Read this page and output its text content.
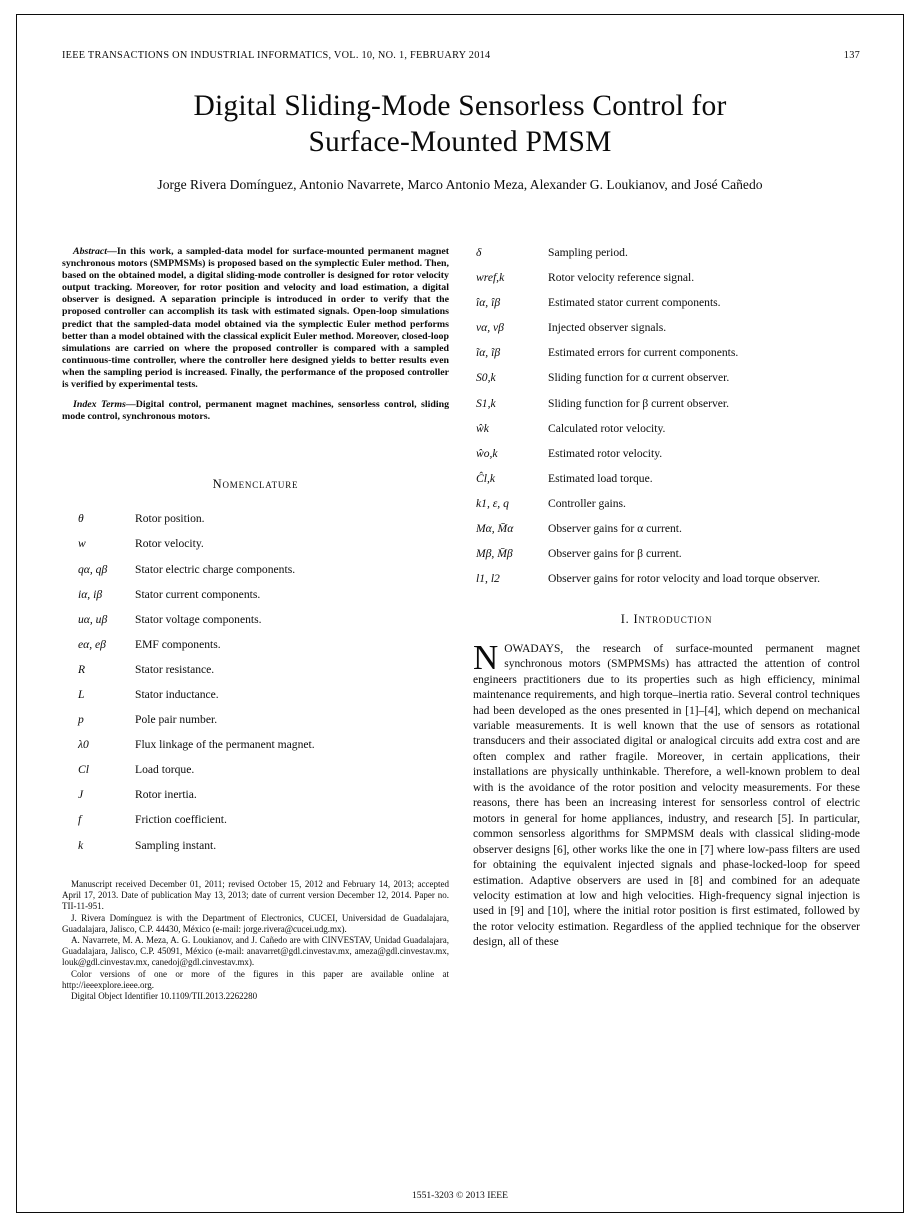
IEEE TRANSACTIONS ON INDUSTRIAL INFORMATICS, VOL. 10, NO. 1, FEBRUARY 2014	137
Digital Sliding-Mode Sensorless Control for
Surface-Mounted PMSM
Jorge Rivera Domínguez, Antonio Navarrete, Marco Antonio Meza, Alexander G. Loukianov, and José Cañedo

Abstract—In this work, a sampled-data model for surface-mounted permanent magnet synchronous motors (SMPMSMs) is proposed based on the symplectic Euler method. Then, based on the obtained model, a digital sliding-mode controller is designed for rotor velocity output tracking. Moreover, for rotor position and velocity and load estimation, a digital observer is designed. A separation principle is introduced in order to verify that the proposed controller can accomplish its task with estimated signals. Open-loop simulations predict that the sampled-data model obtained via the symplectic Euler method performs better than a model obtained with the classical explicit Euler method. Moreover, closed-loop simulations are carried on where the proposed controller is compared with a sampled continuous-time controller, where the controller here designed yields to better results even when the sampling period is increased. Finally, the performance of the proposed controller is verified by experimental tests.

Index Terms—Digital control, permanent magnet machines, sensorless control, sliding mode control, synchronous motors.

Nomenclature
θ	Rotor position.
w	Rotor velocity.
qα, qβ	Stator electric charge components.
iα, iβ	Stator current components.
uα, uβ	Stator voltage components.
eα, eβ	EMF components.
R	Stator resistance.
L	Stator inductance.
p	Pole pair number.
λ0	Flux linkage of the permanent magnet.
Cl	Load torque.
J	Rotor inertia.
f	Friction coefficient.
k	Sampling instant.

Manuscript received December 01, 2011; revised October 15, 2012 and February 14, 2013; accepted April 17, 2013. Date of publication May 13, 2013; date of current version December 12, 2014. Paper no. TII-11-951.

J. Rivera Domínguez is with the Department of Electronics, CUCEI, Universidad de Guadalajara, Guadalajara, Jalisco, C.P. 44430, México (e-mail: jorge.rivera@cucei.udg.mx).

A. Navarrete, M. A. Meza, A. G. Loukianov, and J. Cañedo are with CINVESTAV, Unidad Guadalajara, Guadalajara, Jalisco, C.P. 45091, México (e-mail: anavarret@gdl.cinvestav.mx, ameza@gdl.cinvestav.mx, louk@gdl.cinvestav.mx, canedoj@gdl.cinvestav.mx).

Color versions of one or more of the figures in this paper are available online at http://ieeexplore.ieee.org.

Digital Object Identifier 10.1109/TII.2013.2262280

δ	Sampling period.
wref,k	Rotor velocity reference signal.
îα, îβ	Estimated stator current components.
vα, vβ	Injected observer signals.
ĩα, ĩβ	Estimated errors for current components.
S0,k	Sliding function for α current observer.
S1,k	Sliding function for β current observer.
ŵk	Calculated rotor velocity.
ŵo,k	Estimated rotor velocity.
Ĉl,k	Estimated load torque.
k1, ε, q	Controller gains.
Mα, M̄α	Observer gains for α current.
Mβ, M̄β	Observer gains for β current.
l1, l2	Observer gains for rotor velocity and load torque observer.
I. Introduction

NOWADAYS, the research of surface-mounted permanent magnet synchronous motors (SMPMSMs) has attracted the attention of control engineers practitioners due to its properties such as high efficiency, minimal maintenance requirements, and high torque–inertia ratio. Several control techniques had been developed as the ones presented in [1]–[4], which depend on mechanical variable measurements. It is well known that the use of sensors as rotational transducers and their associated digital or analogical circuits add extra cost and are often complex and rather fragile. Moreover, in certain applications, their installations are physically unthinkable. Therefore, a well-known problem to deal with is the avoidance of the rotor position and velocity measurements. For these reasons, there has been an increasing interest for sensorless control of electric motors in general for home appliances, industry, and research [5]. In particular, common sensorless algorithms for SMPMSM deals with classical sliding-mode observer designs [6], other works like the one in [7] where low-pass filters are used for obtaining the equivalent injected signals and phase-locked-loop for speed estimation. Adaptive observers are used in [8] and combined for an adequate velocity estimation at low and high velocities. High-frequency signal injection is used in [9] and [10], where the initial rotor position is first estimated, followed by the rotor velocity estimation. Regardless of the applied technique for the observer design, all of these

1551-3203 © 2013 IEEE
